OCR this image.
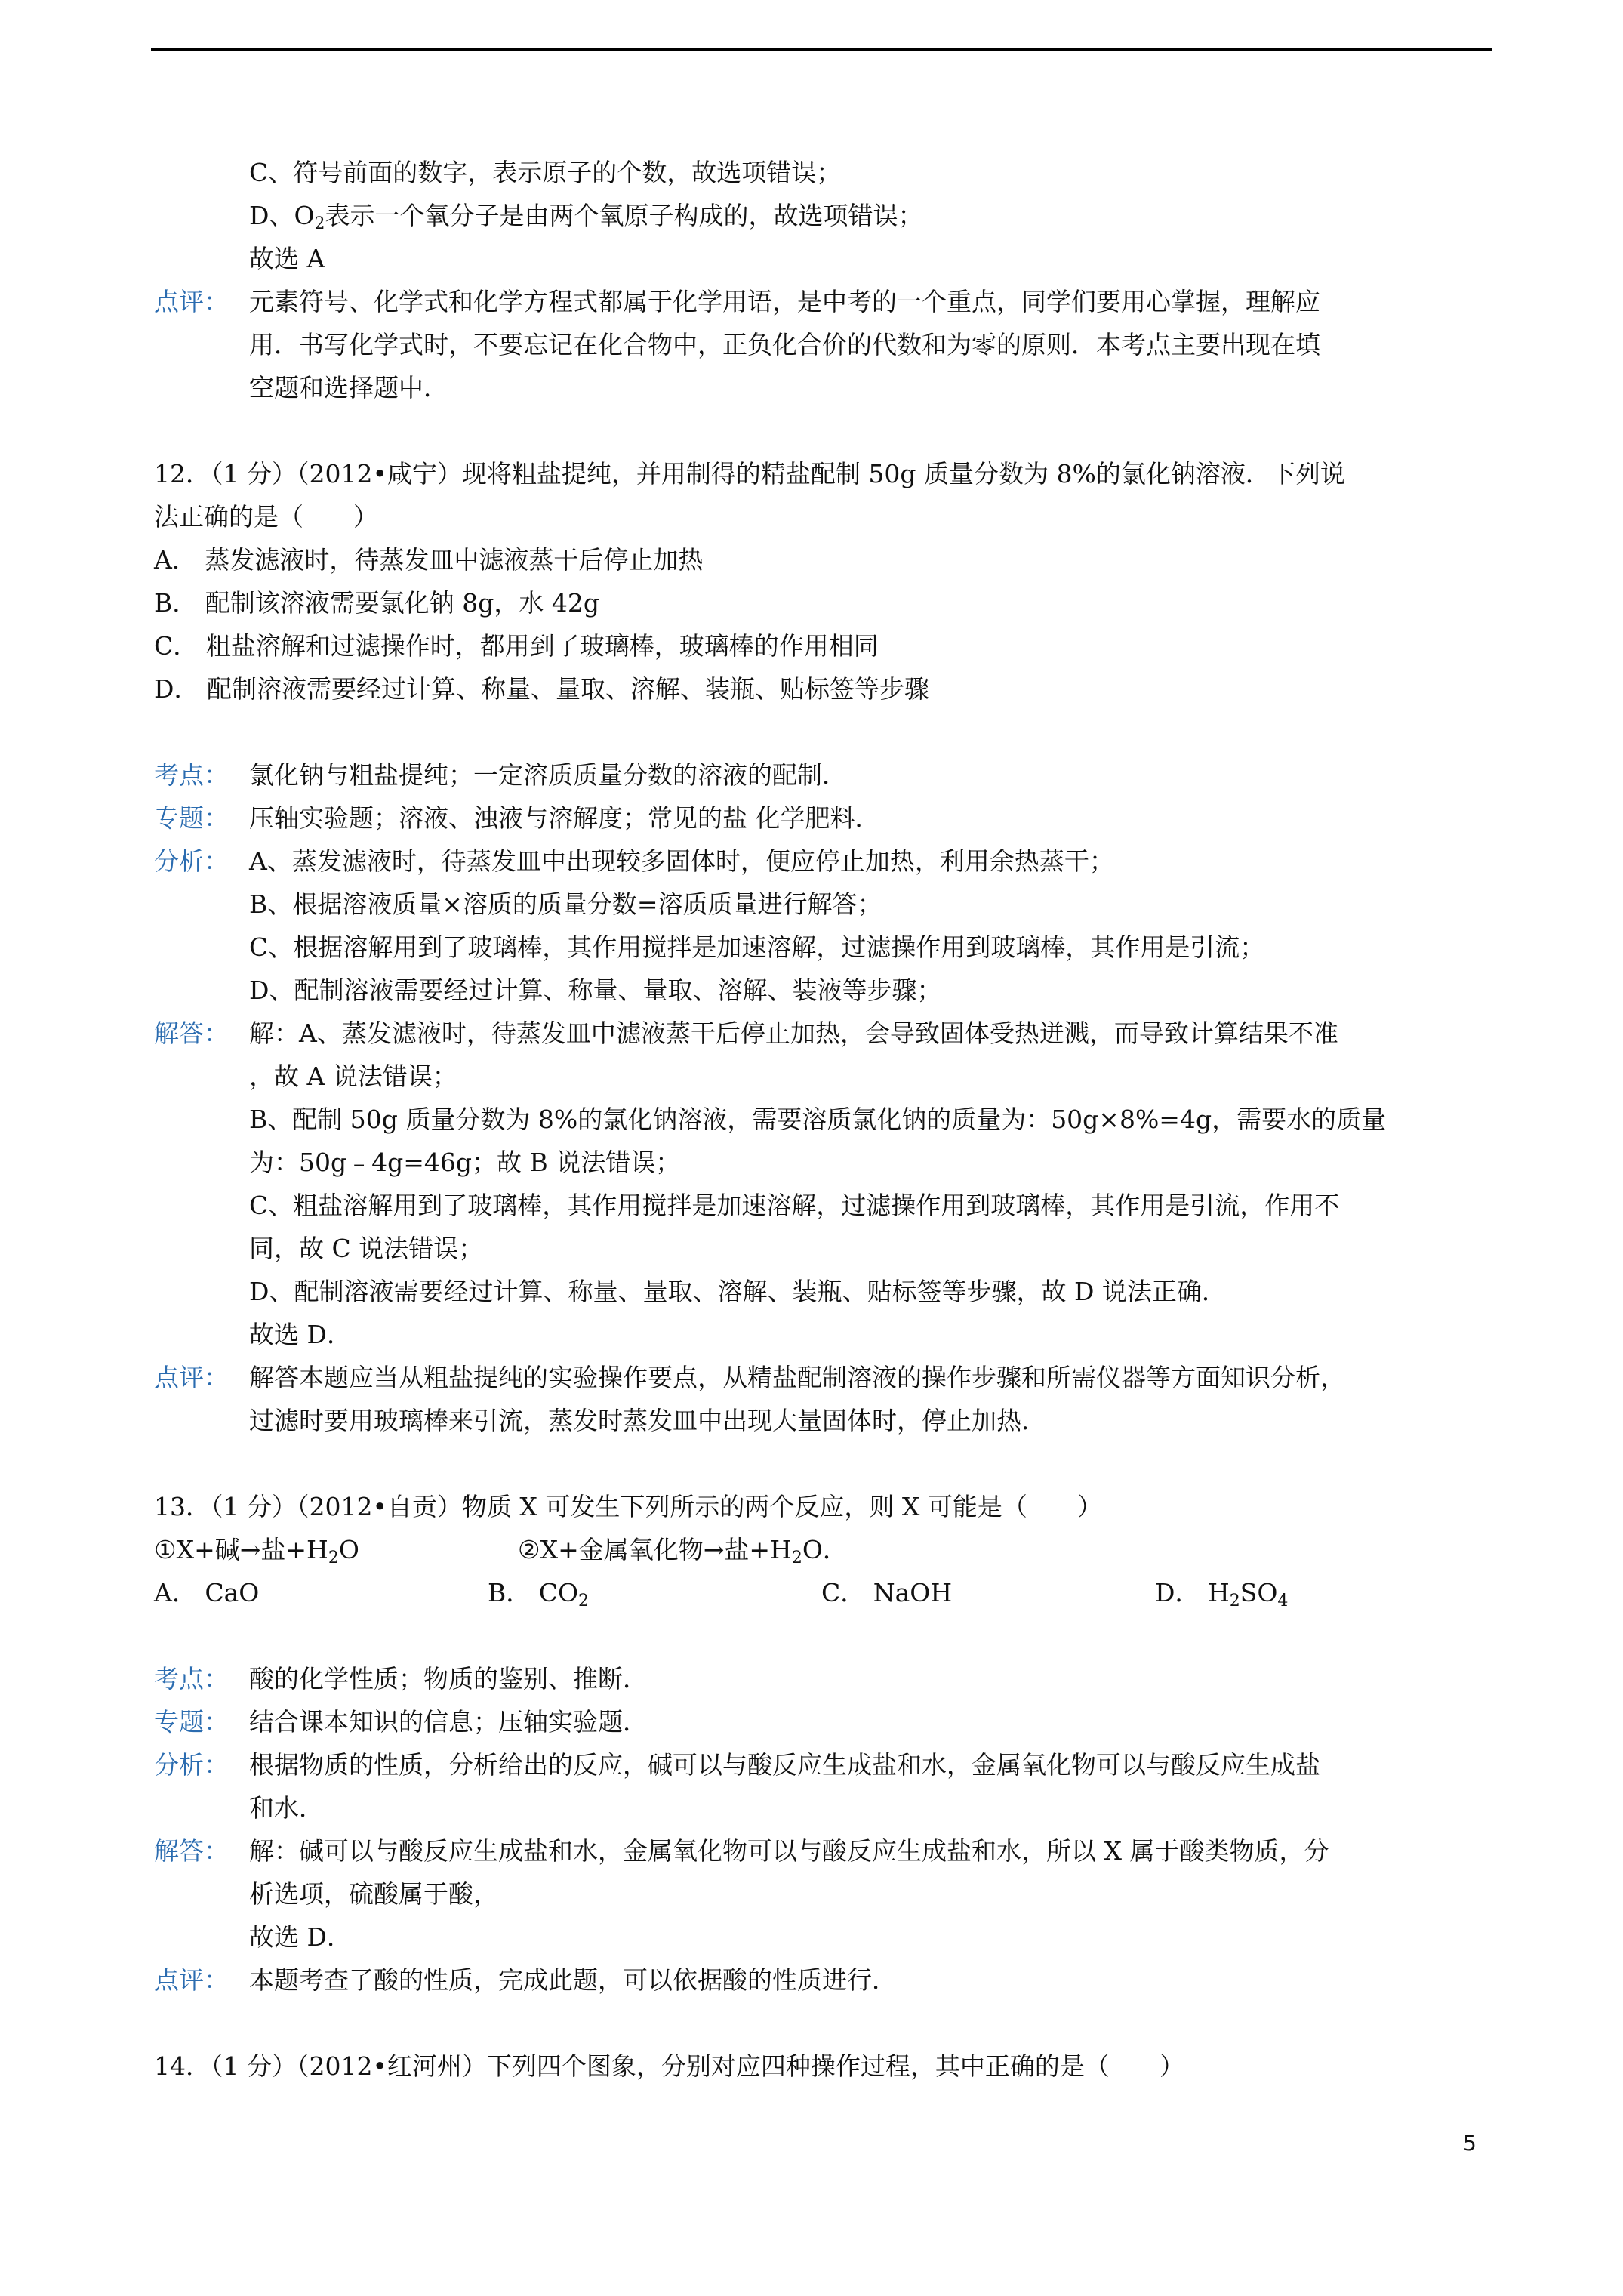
C、符号前面的数字，表示原子的个数，故选项错误；
D、$O_2$表示一个氧分子是由两个氧原子构成的，故选项错误；
故选 A
点评： 元素符号、化学式和化学方程式都属于化学用语，是中考的一个重点，同学们要用心掌握，理解应
用．书写化学式时，不要忘记在化合物中，正负化合价的代数和为零的原则．本考点主要出现在填
空题和选择题中．
12．（1 分）（2012•咸宁）现将粗盐提纯，并用制得的精盐配制 50g 质量分数为 8%的氯化钠溶液．下列说
法正确的是（　　）
A． 蒸发滤液时，待蒸发皿中滤液蒸干后停止加热
B． 配制该溶液需要氯化钠 8g，水 42g
C． 粗盐溶解和过滤操作时，都用到了玻璃棒，玻璃棒的作用相同
D． 配制溶液需要经过计算、称量、量取、溶解、装瓶、贴标签等步骤
考点： 氯化钠与粗盐提纯；一定溶质质量分数的溶液的配制．
专题： 压轴实验题；溶液、浊液与溶解度；常见的盐 化学肥料．
分析： A、蒸发滤液时，待蒸发皿中出现较多固体时，便应停止加热，利用余热蒸干；
B、根据溶液质量×溶质的质量分数=溶质质量进行解答；
C、根据溶解用到了玻璃棒，其作用搅拌是加速溶解，过滤操作用到玻璃棒，其作用是引流；
D、配制溶液需要经过计算、称量、量取、溶解、装液等步骤；
解答： 解：A、蒸发滤液时，待蒸发皿中滤液蒸干后停止加热，会导致固体受热迸溅，而导致计算结果不准
，故 A 说法错误；
B、配制 50g 质量分数为 8%的氯化钠溶液，需要溶质氯化钠的质量为：50g×8%=4g，需要水的质量
为：50g﹣4g=46g；故 B 说法错误；
C、粗盐溶解用到了玻璃棒，其作用搅拌是加速溶解，过滤操作用到玻璃棒，其作用是引流，作用不
同，故 C 说法错误；
D、配制溶液需要经过计算、称量、量取、溶解、装瓶、贴标签等步骤，故 D 说法正确．
故选 D．
点评： 解答本题应当从粗盐提纯的实验操作要点，从精盐配制溶液的操作步骤和所需仪器等方面知识分析，
过滤时要用玻璃棒来引流，蒸发时蒸发皿中出现大量固体时，停止加热．
13．（1 分）（2012•自贡）物质 X 可发生下列所示的两个反应，则 X 可能是（　　）
①X+碱→盐$+H_2O$	②X+金属氧化物→盐$+H_2O$．
A． CaO	B． $CO_2$	C． NaOH	D． $H_2SO_4$
考点： 酸的化学性质；物质的鉴别、推断．
专题： 结合课本知识的信息；压轴实验题．
分析： 根据物质的性质，分析给出的反应，碱可以与酸反应生成盐和水，金属氧化物可以与酸反应生成盐
和水．
解答： 解：碱可以与酸反应生成盐和水，金属氧化物可以与酸反应生成盐和水，所以 X 属于酸类物质，分
析选项，硫酸属于酸，
故选 D．
点评： 本题考查了酸的性质，完成此题，可以依据酸的性质进行．
14．（1 分）（2012•红河州）下列四个图象，分别对应四种操作过程，其中正确的是（　　）
5
